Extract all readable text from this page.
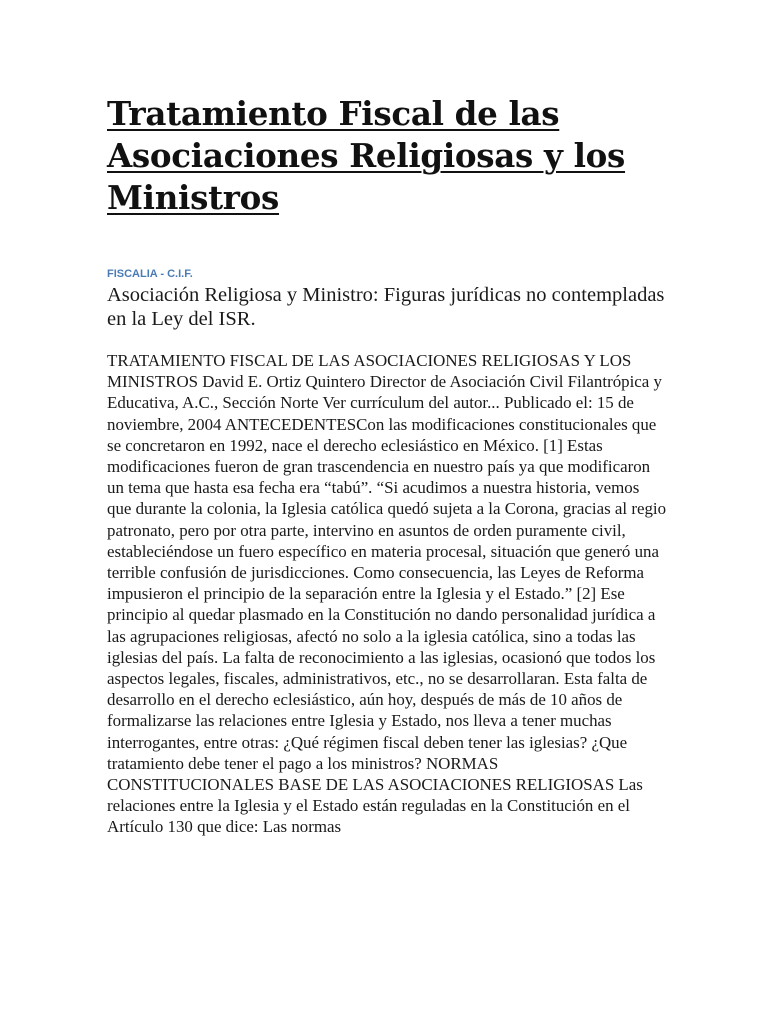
Tratamiento Fiscal de las Asociaciones Religiosas y los Ministros
FISCALIA - C.I.F.
Asociación Religiosa y Ministro: Figuras jurídicas no contempladas en la Ley del ISR.
TRATAMIENTO FISCAL DE LAS ASOCIACIONES RELIGIOSAS Y LOS MINISTROS David E. Ortiz Quintero Director de Asociación Civil Filantrópica y Educativa, A.C., Sección Norte Ver currículum del autor... Publicado el: 15 de noviembre, 2004 ANTECEDENTESCon las modificaciones constitucionales que se concretaron en 1992, nace el derecho eclesiástico en México. [1] Estas modificaciones fueron de gran trascendencia en nuestro país ya que modificaron un tema que hasta esa fecha era “tabú”. “Si acudimos a nuestra historia, vemos que durante la colonia, la Iglesia católica quedó sujeta a la Corona, gracias al regio patronato, pero por otra parte, intervino en asuntos de orden puramente civil, estableciéndose un fuero específico en materia procesal, situación que generó una terrible confusión de jurisdicciones. Como consecuencia, las Leyes de Reforma impusieron el principio de la separación entre la Iglesia y el Estado.” [2] Ese principio al quedar plasmado en la Constitución no dando personalidad jurídica a las agrupaciones religiosas, afectó no solo a la iglesia católica, sino a todas las iglesias del país. La falta de reconocimiento a las iglesias, ocasionó que todos los aspectos legales, fiscales, administrativos, etc., no se desarrollaran. Esta falta de desarrollo en el derecho eclesiástico, aún hoy, después de más de 10 años de formalizarse las relaciones entre Iglesia y Estado, nos lleva a tener muchas interrogantes, entre otras: ¿Qué régimen fiscal deben tener las iglesias? ¿Que tratamiento debe tener el pago a los ministros? NORMAS CONSTITUCIONALES BASE DE LAS ASOCIACIONES RELIGIOSAS Las relaciones entre la Iglesia y el Estado están reguladas en la Constitución en el Artículo 130 que dice: Las normas
